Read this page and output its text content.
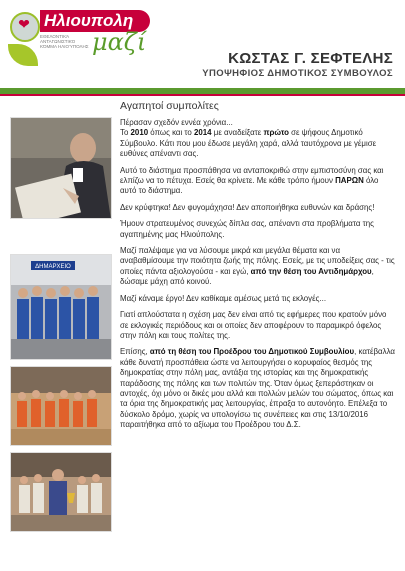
❤ Ηλιουπολη
μαζί
ΕΘΕΛΟΝΤΙΚΆ ΑΝΤΑΓΩΝΙΣΤΙΚΌ ΚΌΜΜΑ ΗΛΙΟΎΠΟΛΗΣ
ΚΩΣΤΑΣ Γ. ΣΕΦΤΕΛΗΣ
ΥΠΟΨΗΦΙΟΣ ΔΗΜΟΤΙΚΟΣ ΣΥΜΒΟΥΛΟΣ
ΔΗΜΑΡΧΕΙΟ

Αγαπητοί συμπολίτες

Πέρασαν σχεδόν εννέα χρόνια...
Το 2010 όπως και το 2014 με αναδείξατε πρώτο σε ψήφους Δημοτικό Σύμβουλο. Κάτι που μου έδωσε μεγάλη χαρά, αλλά ταυτόχρονα με γέμισε ευθύνες απέναντι σας.

Αυτό το διάστημα προσπάθησα να ανταποκριθώ στην εμπιστοσύνη σας και ελπίζω να το πέτυχα. Εσείς θα κρίνετε. Με κάθε τρόπο ήμουν ΠΑΡΩΝ όλο αυτό το διάστημα.

Δεν κρύφτηκα! Δεν φυγομάχησα! Δεν αποποιήθηκα ευθυνών και δράσης!

Ήμουν στρατευμένος συνεχώς δίπλα σας, απέναντι στα προβλήματα της αγαπημένης μας Ηλιούπολης.

Μαζί παλέψαμε για να λύσουμε μικρά και μεγάλα θέματα και να αναβαθμίσουμε την ποιότητα ζωής της πόλης. Εσείς, με τις υποδείξεις σας - τις οποίες πάντα αξιολογούσα - και εγώ, από την θέση του Αντιδημάρχου, δώσαμε μάχη από κοινού.

Μαζί κάναμε έργο! Δεν καθίκαμε αμέσως μετά τις εκλογές...

Γιατί απλούστατα η σχέση μας δεν είναι από τις εφήμερες που κρατούν μόνο σε εκλογικές περιόδους και οι οποίες δεν αποφέρουν το παραμικρό όφελος στην πόλη και τους πολίτες της.

Επίσης, από τη θέση του Προέδρου του Δημοτικού Συμβουλίου, κατέβαλλα κάθε δυνατή προσπάθεια ώστε να λειτουργήσει ο κορυφαίος θεσμός της δημοκρατίας στην πόλη μας, αντάξια της ιστορίας και της δημοκρατικής παράδοσης της πόλης και των πολιτών της. Όταν όμως ξεπεράστηκαν οι αντοχές, όχι μόνο οι δικές μου αλλά και πολλών μελών του σώματος, όπως και τα όρια της δημοκρατικής μας λειτουργίας, έπραξα το αυτονόητο. Επέλεξα το δύσκολο δρόμο, χωρίς να υπολογίσω τις συνέπειες και στις 13/10/2016 παραιτήθηκα από το αξίωμα του Προέδρου του Δ.Σ.
